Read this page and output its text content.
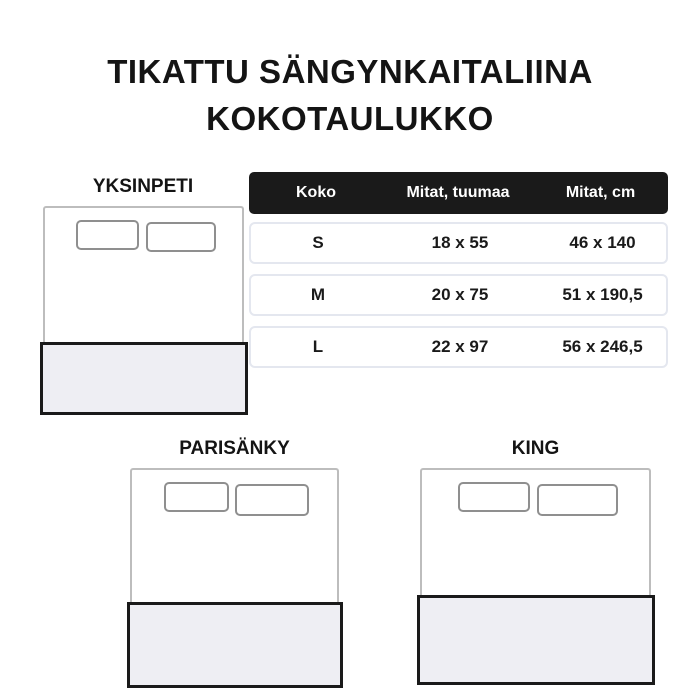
TIKATTU SÄNGYNKAITALIINA
KOKOTAULUKKO
YKSINPETI
PARISÄNKY	KING
Koko	Mitat, tuumaa	Mitat, cm
S	18 x 55	46 x 140
M	20 x 75	51 x 190,5
L	22 x 97	56 x 246,5
